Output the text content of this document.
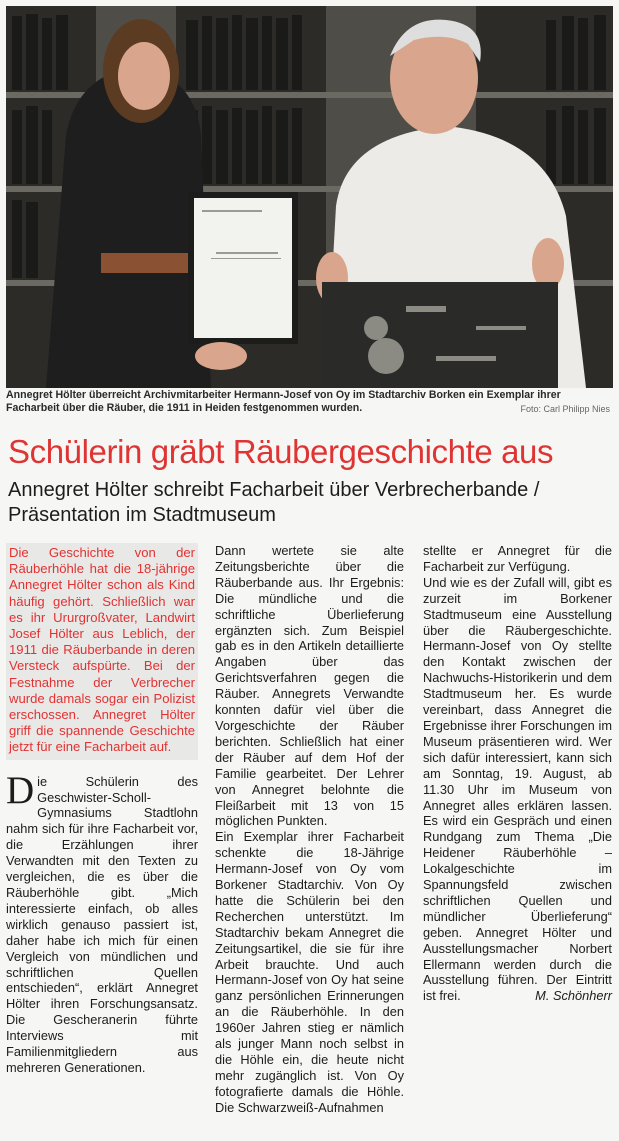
Annegret Hölter überreicht Archivmitarbeiter Hermann-Josef von Oy im Stadtarchiv Borken ein Exemplar ihrer Facharbeit über die Räuber, die 1911 in Heiden festgenommen wurden.	Foto: Carl Philipp Nies
Schülerin gräbt Räubergeschichte aus
Annegret Hölter schreibt Facharbeit über Verbrecherbande / Präsentation im Stadtmuseum
Die Geschichte von der Räuberhöhle hat die 18-jährige Annegret Hölter schon als Kind häufig gehört. Schließlich war es ihr Ururgroßvater, Landwirt Josef Hölter aus Leblich, der 1911 die Räuberbande in deren Versteck aufspürte. Bei der Festnahme der Verbrecher wurde damals sogar ein Polizist erschossen. Annegret Hölter griff die spannende Geschichte jetzt für eine Facharbeit auf.

Die Schülerin des Geschwister-Scholl-Gymnasiums Stadtlohn nahm sich für ihre Facharbeit vor, die Erzählungen ihrer Verwandten mit den Texten zu vergleichen, die es über die Räuberhöhle gibt. „Mich interessierte einfach, ob alles wirklich genauso passiert ist, daher habe ich mich für einen Vergleich von mündlichen und schriftlichen Quellen entschieden“, erklärt Annegret Hölter ihren Forschungsansatz. Die Gescheranerin führte Interviews mit Familienmitgliedern aus mehreren Generationen.

Dann wertete sie alte Zeitungsberichte über die Räuberbande aus. Ihr Ergebnis: Die mündliche und die schriftliche Überlieferung ergänzten sich. Zum Beispiel gab es in den Artikeln detaillierte Angaben über das Gerichtsverfahren gegen die Räuber. Annegrets Verwandte konnten dafür viel über die Vorgeschichte der Räuber berichten. Schließlich hat einer der Räuber auf dem Hof der Familie gearbeitet. Der Lehrer von Annegret belohnte die Fleißarbeit mit 13 von 15 möglichen Punkten.

Ein Exemplar ihrer Facharbeit schenkte die 18-Jährige Hermann-Josef von Oy vom Borkener Stadtarchiv. Von Oy hatte die Schülerin bei den Recherchen unterstützt. Im Stadtarchiv bekam Annegret die Zeitungsartikel, die sie für ihre Arbeit brauchte. Und auch Hermann-Josef von Oy hat seine ganz persönlichen Erinnerungen an die Räuberhöhle. In den 1960er Jahren stieg er nämlich als junger Mann noch selbst in die Höhle ein, die heute nicht mehr zugänglich ist. Von Oy fotografierte damals die Höhle. Die Schwarzweiß-Aufnahmen

stellte er Annegret für die Facharbeit zur Verfügung.

Und wie es der Zufall will, gibt es zurzeit im Borkener Stadtmuseum eine Ausstellung über die Räubergeschichte. Hermann-Josef von Oy stellte den Kontakt zwischen der Nachwuchs-Historikerin und dem Stadtmuseum her. Es wurde vereinbart, dass Annegret die Ergebnisse ihrer Forschungen im Museum präsentieren wird. Wer sich dafür interessiert, kann sich am Sonntag, 19. August, ab 11.30 Uhr im Museum von Annegret alles erklären lassen. Es wird ein Gespräch und einen Rundgang zum Thema „Die Heidener Räuberhöhle – Lokalgeschichte im Spannungsfeld zwischen schriftlichen Quellen und mündlicher Überlieferung“ geben. Annegret Hölter und Ausstellungsmacher Norbert Ellermann werden durch die Ausstellung führen. Der Eintritt ist frei.	M. Schönherr
